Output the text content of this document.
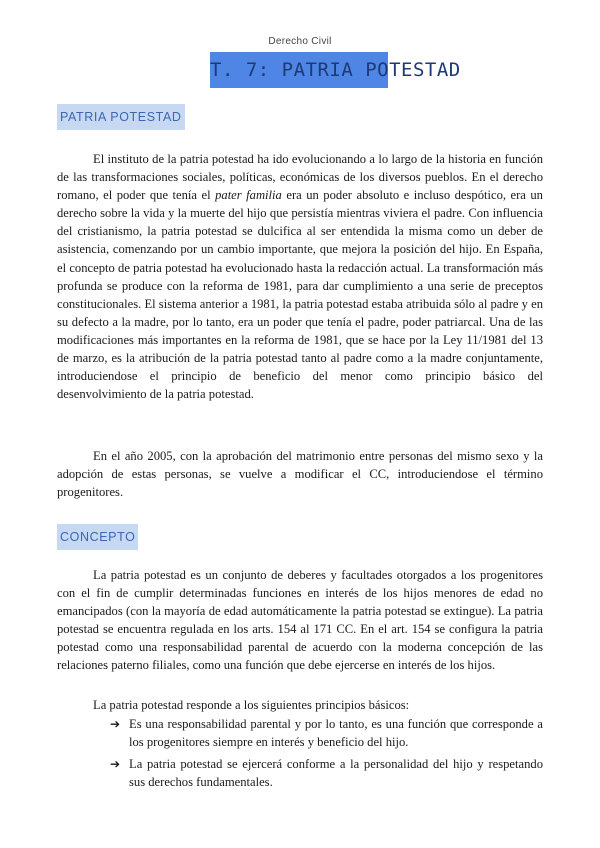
Derecho Civil
T. 7: PATRIA POTESTAD
PATRIA POTESTAD

El instituto de la patria potestad ha ido evolucionando a lo largo de la historia en función de las transformaciones sociales, políticas, económicas de los diversos pueblos. En el derecho romano, el poder que tenía el pater familia era un poder absoluto e incluso despótico, era un derecho sobre la vida y la muerte del hijo que persistía mientras viviera el padre. Con influencia del cristianismo, la patria potestad se dulcifica al ser entendida la misma como un deber de asistencia, comenzando por un cambio importante, que mejora la posición del hijo. En España, el concepto de patria potestad ha evolucionado hasta la redacción actual. La transformación más profunda se produce con la reforma de 1981, para dar cumplimiento a una serie de preceptos constitucionales. El sistema anterior a 1981, la patria potestad estaba atribuida sólo al padre y en su defecto a la madre, por lo tanto, era un poder que tenía el padre, poder patriarcal. Una de las modificaciones más importantes en la reforma de 1981, que se hace por la Ley 11/1981 del 13 de marzo, es la atribución de la patria potestad tanto al padre como a la madre conjuntamente, introduciendose el principio de beneficio del menor como principio básico del desenvolvimiento de la patria potestad.

En el año 2005, con la aprobación del matrimonio entre personas del mismo sexo y la adopción de estas personas, se vuelve a modificar el CC, introduciendose el término progenitores.

CONCEPTO

La patria potestad es un conjunto de deberes y facultades otorgados a los progenitores con el fin de cumplir determinadas funciones en interés de los hijos menores de edad no emancipados (con la mayoría de edad automáticamente la patria potestad se extingue). La patria potestad se encuentra regulada en los arts. 154 al 171 CC. En el art. 154 se configura la patria potestad como una responsabilidad parental de acuerdo con la moderna concepción de las relaciones paterno filiales, como una función que debe ejercerse en interés de los hijos.

La patria potestad responde a los siguientes principios básicos:

➔ Es una responsabilidad parental y por lo tanto, es una función que corresponde a los progenitores siempre en interés y beneficio del hijo.
➔ La patria potestad se ejercerá conforme a la personalidad del hijo y respetando sus derechos fundamentales.
